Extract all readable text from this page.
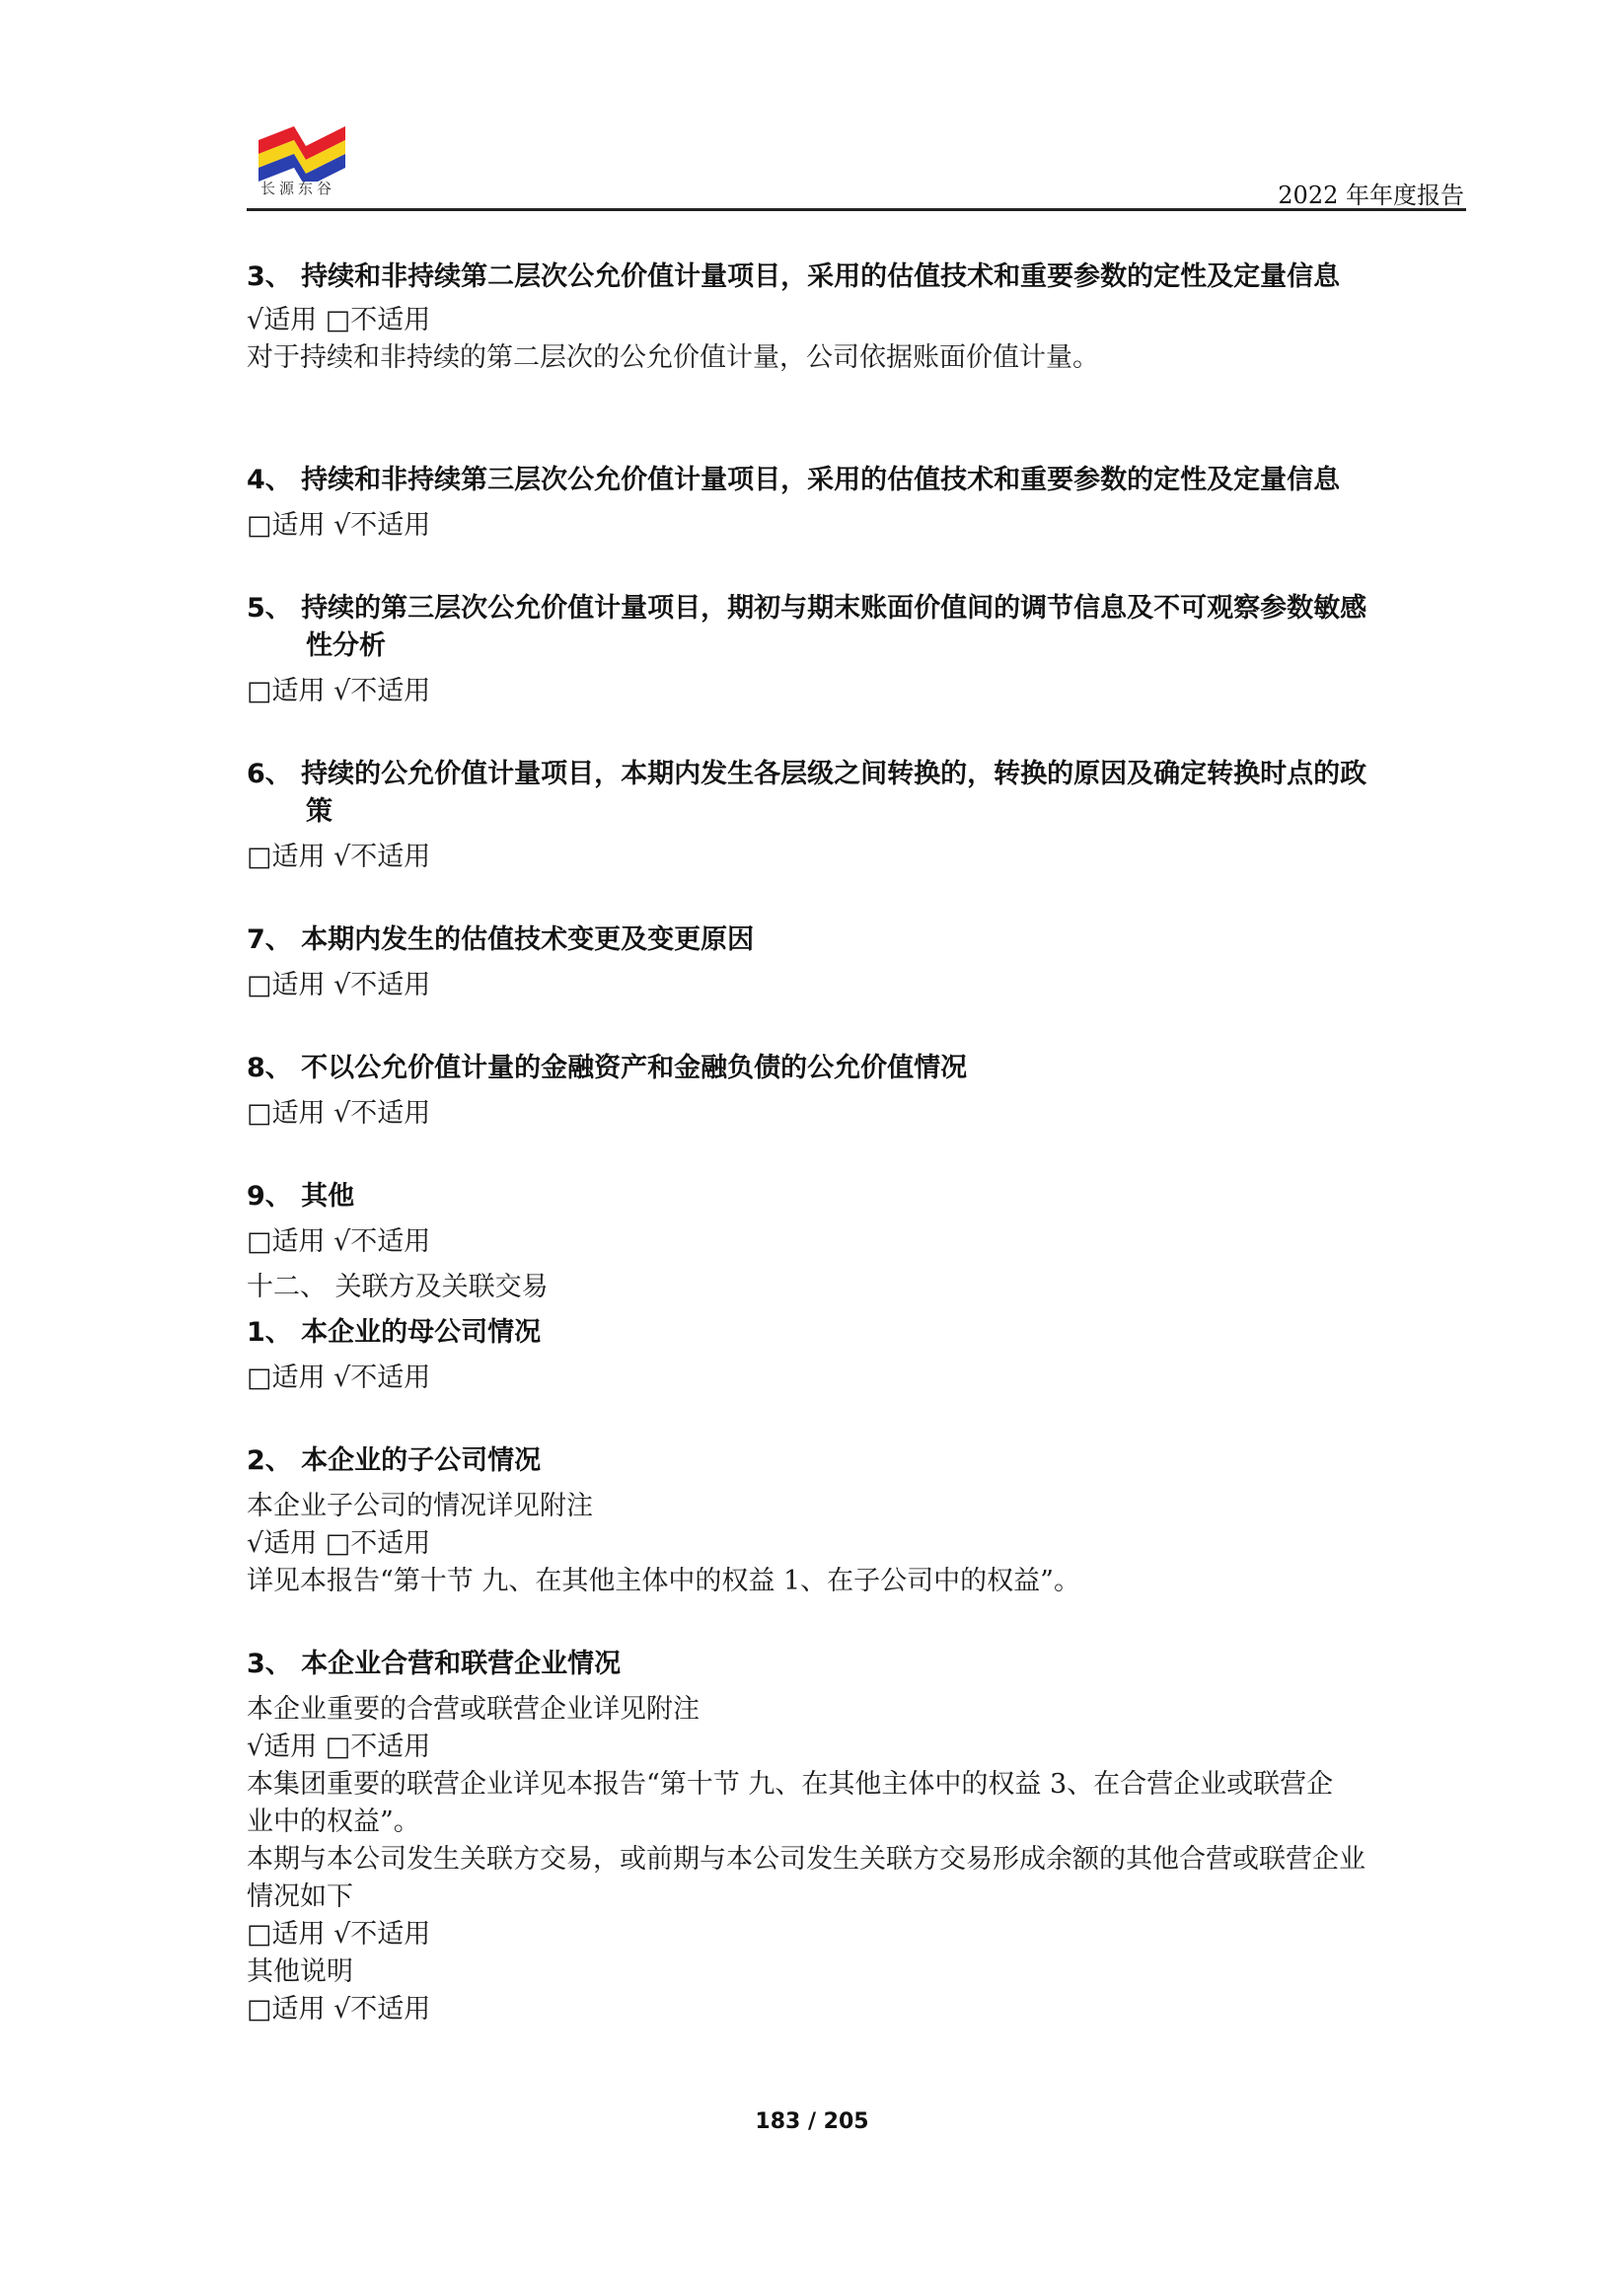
长源东谷	2022 年年度报告
3、 持续和非持续第二层次公允价值计量项目，采用的估值技术和重要参数的定性及定量信息
√适用 □不适用
对于持续和非持续的第二层次的公允价值计量，公司依据账面价值计量。
4、 持续和非持续第三层次公允价值计量项目，采用的估值技术和重要参数的定性及定量信息
□适用 √不适用
5、 持续的第三层次公允价值计量项目，期初与期末账面价值间的调节信息及不可观察参数敏感
性分析
□适用 √不适用
6、 持续的公允价值计量项目，本期内发生各层级之间转换的，转换的原因及确定转换时点的政
策
□适用 √不适用
7、 本期内发生的估值技术变更及变更原因
□适用 √不适用
8、 不以公允价值计量的金融资产和金融负债的公允价值情况
□适用 √不适用
9、 其他
□适用 √不适用
十二、 关联方及关联交易
1、 本企业的母公司情况
□适用 √不适用
2、 本企业的子公司情况
本企业子公司的情况详见附注
√适用 □不适用
详见本报告“第十节 九、在其他主体中的权益 1、在子公司中的权益”。
3、 本企业合营和联营企业情况
本企业重要的合营或联营企业详见附注
√适用 □不适用
本集团重要的联营企业详见本报告“第十节 九、在其他主体中的权益 3、在合营企业或联营企
业中的权益”。
本期与本公司发生关联方交易，或前期与本公司发生关联方交易形成余额的其他合营或联营企业
情况如下
□适用 √不适用
其他说明
□适用 √不适用
183 / 205
